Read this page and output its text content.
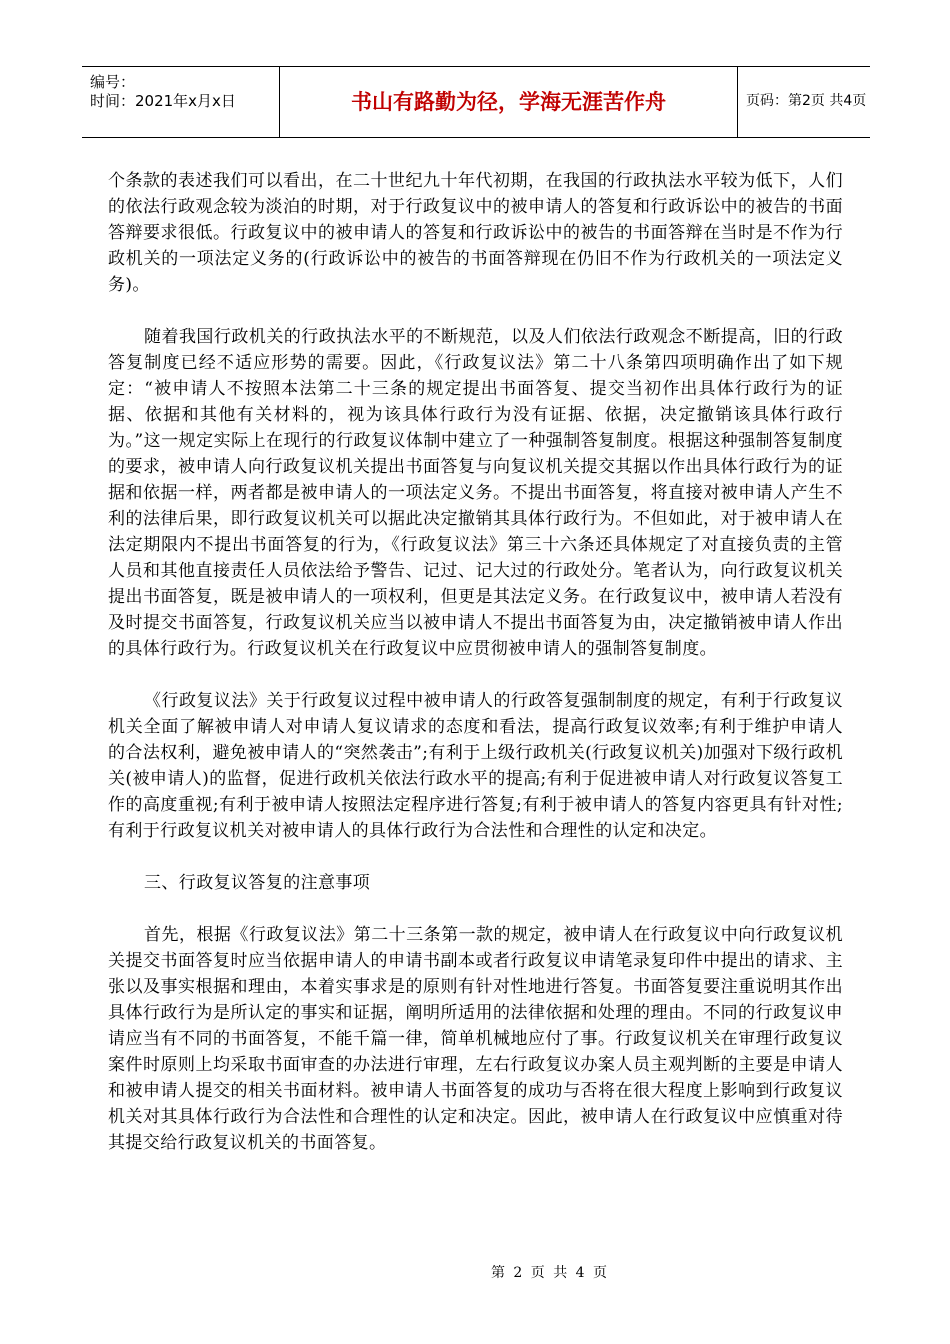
编号：
时间：2021年x月x日	书山有路勤为径，学海无涯苦作舟	页码：第2页 共4页

个条款的表述我们可以看出，在二十世纪九十年代初期，在我国的行政执法水平较为低下，人们的依法行政观念较为淡泊的时期，对于行政复议中的被申请人的答复和行政诉讼中的被告的书面答辩要求很低。行政复议中的被申请人的答复和行政诉讼中的被告的书面答辩在当时是不作为行政机关的一项法定义务的(行政诉讼中的被告的书面答辩现在仍旧不作为行政机关的一项法定义务)。

随着我国行政机关的行政执法水平的不断规范，以及人们依法行政观念不断提高，旧的行政答复制度已经不适应形势的需要。因此，《行政复议法》第二十八条第四项明确作出了如下规定：“被申请人不按照本法第二十三条的规定提出书面答复、提交当初作出具体行政行为的证据、依据和其他有关材料的，视为该具体行政行为没有证据、依据，决定撤销该具体行政行为。”这一规定实际上在现行的行政复议体制中建立了一种强制答复制度。根据这种强制答复制度的要求，被申请人向行政复议机关提出书面答复与向复议机关提交其据以作出具体行政行为的证据和依据一样，两者都是被申请人的一项法定义务。不提出书面答复，将直接对被申请人产生不利的法律后果，即行政复议机关可以据此决定撤销其具体行政行为。不但如此，对于被申请人在法定期限内不提出书面答复的行为，《行政复议法》第三十六条还具体规定了对直接负责的主管人员和其他直接责任人员依法给予警告、记过、记大过的行政处分。笔者认为，向行政复议机关提出书面答复，既是被申请人的一项权利，但更是其法定义务。在行政复议中，被申请人若没有及时提交书面答复，行政复议机关应当以被申请人不提出书面答复为由，决定撤销被申请人作出的具体行政行为。行政复议机关在行政复议中应贯彻被申请人的强制答复制度。

《行政复议法》关于行政复议过程中被申请人的行政答复强制制度的规定，有利于行政复议机关全面了解被申请人对申请人复议请求的态度和看法，提高行政复议效率;有利于维护申请人的合法权利，避免被申请人的“突然袭击”;有利于上级行政机关(行政复议机关)加强对下级行政机关(被申请人)的监督，促进行政机关依法行政水平的提高;有利于促进被申请人对行政复议答复工作的高度重视;有利于被申请人按照法定程序进行答复;有利于被申请人的答复内容更具有针对性;有利于行政复议机关对被申请人的具体行政行为合法性和合理性的认定和决定。

三、行政复议答复的注意事项

首先，根据《行政复议法》第二十三条第一款的规定，被申请人在行政复议中向行政复议机关提交书面答复时应当依据申请人的申请书副本或者行政复议申请笔录复印件中提出的请求、主张以及事实根据和理由，本着实事求是的原则有针对性地进行答复。书面答复要注重说明其作出具体行政行为是所认定的事实和证据，阐明所适用的法律依据和处理的理由。不同的行政复议申请应当有不同的书面答复，不能千篇一律，简单机械地应付了事。行政复议机关在审理行政复议案件时原则上均采取书面审查的办法进行审理，左右行政复议办案人员主观判断的主要是申请人和被申请人提交的相关书面材料。被申请人书面答复的成功与否将在很大程度上影响到行政复议机关对其具体行政行为合法性和合理性的认定和决定。因此，被申请人在行政复议中应慎重对待其提交给行政复议机关的书面答复。

第 2 页 共 4 页
